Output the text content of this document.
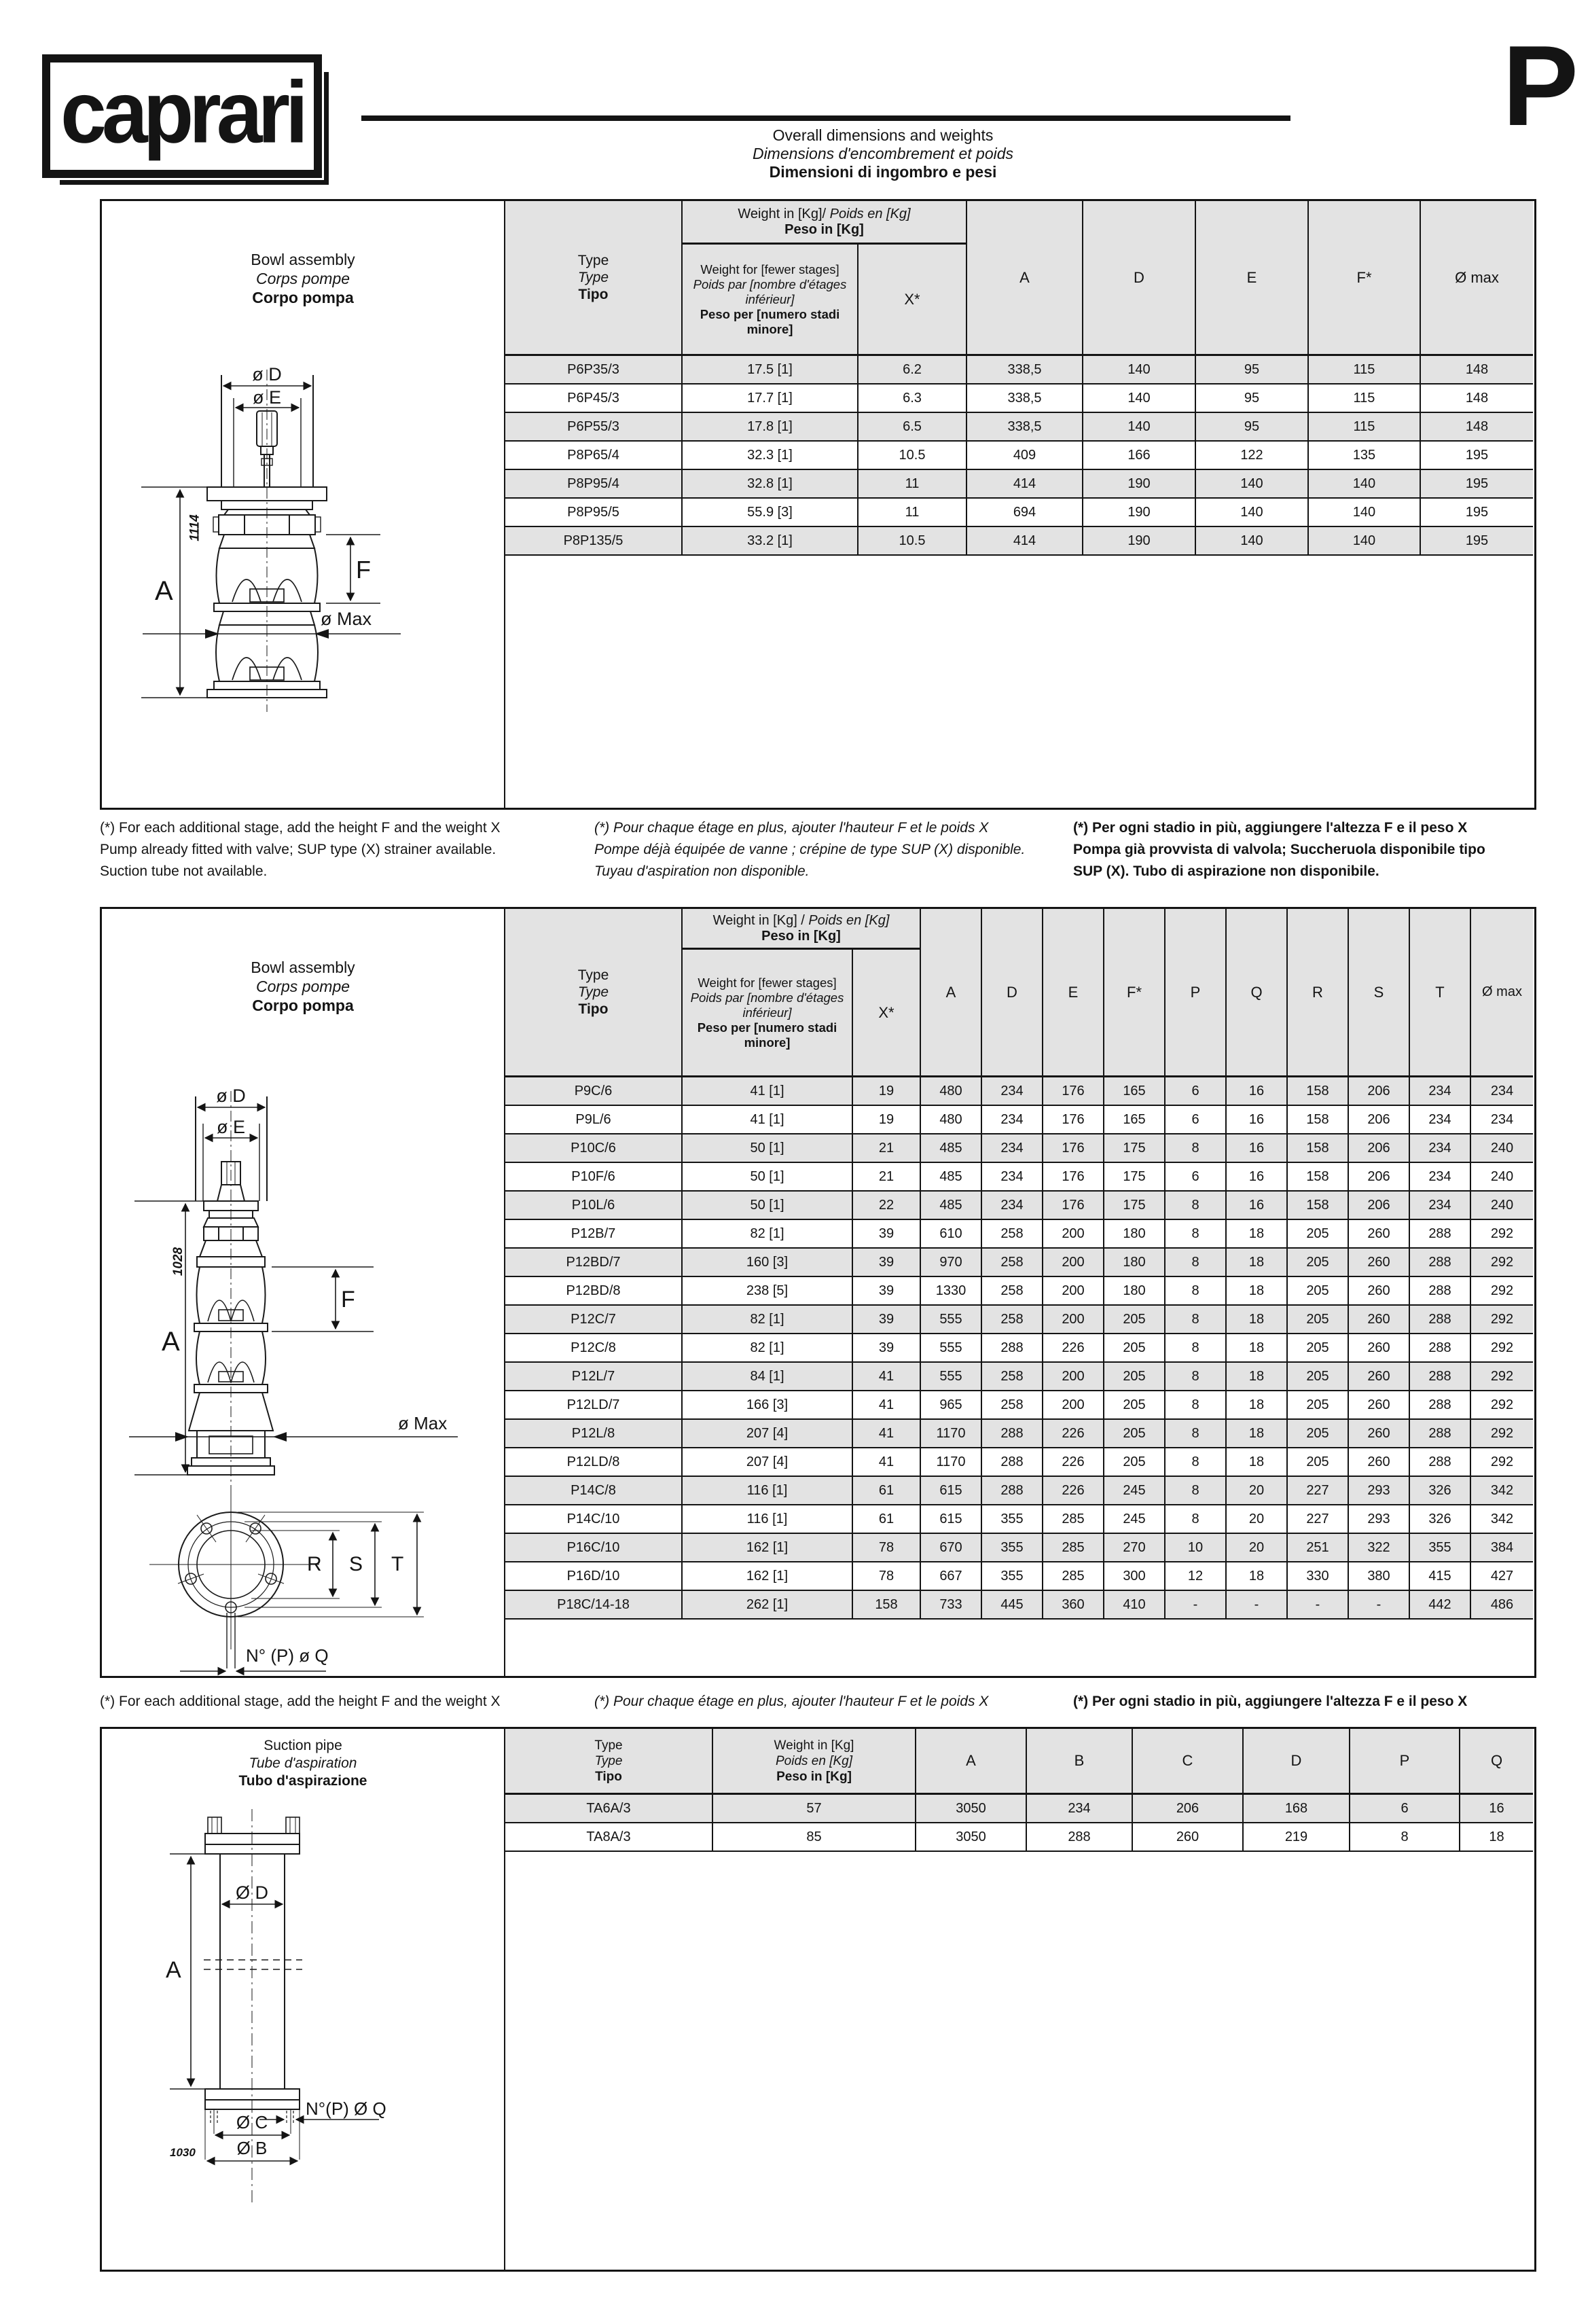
caprari	Overall dimensions and weights
Dimensions d'encombrement et poids
Dimensioni di ingombro e pesi
P
Bowl assembly
Corps pompe
Corpo pompa
ø D
ø E
A
F
ø Max
1114
Type
Type
Tipo
Weight in [Kg]/ Poids en [Kg]
Peso in [Kg]
Weight for [fewer stages]
Poids par [nombre d'étages inférieur]
Peso per [numero stadi minore]
X*
A	D	E	F*	Ø max
P6P35/3	17.5 [1]	6.2	338,5	140	95	115	148
P6P45/3	17.7 [1]	6.3	338,5	140	95	115	148
P6P55/3	17.8 [1]	6.5	338,5	140	95	115	148
P8P65/4	32.3 [1]	10.5	409	166	122	135	195
P8P95/4	32.8 [1]	11	414	190	140	140	195
P8P95/5	55.9 [3]	11	694	190	140	140	195
P8P135/5	33.2 [1]	10.5	414	190	140	140	195
(*) For each additional stage, add the height F and the weight X
Pump already fitted with valve; SUP type (X) strainer available.
Suction tube not available.
(*) Pour chaque étage en plus, ajouter l'hauteur F et le poids X
Pompe déjà équipée de vanne ; crépine de type SUP (X) disponible.
Tuyau d'aspiration non disponible.
(*) Per ogni stadio in più, aggiungere l'altezza F e il peso X
Pompa già provvista di valvola; Succheruola disponibile tipo
SUP (X). Tubo di aspirazione non disponibile.
Bowl assembly
Corps pompe
Corpo pompa
ø D
ø E
A
F
ø Max
R S T
N° (P) ø Q
1028
Type
Type
Tipo
Weight in [Kg] / Poids en [Kg]
Peso in [Kg]
Weight for [fewer stages]
Poids par [nombre d'étages inférieur]
Peso per [numero stadi minore]
X*
A	D	E	F*	P	Q	R	S	T	Ø max
P9C/6	41 [1]	19	480	234	176	165	6	16	158	206	234	234
P9L/6	41 [1]	19	480	234	176	165	6	16	158	206	234	234
P10C/6	50 [1]	21	485	234	176	175	8	16	158	206	234	240
P10F/6	50 [1]	21	485	234	176	175	6	16	158	206	234	240
P10L/6	50 [1]	22	485	234	176	175	8	16	158	206	234	240
P12B/7	82 [1]	39	610	258	200	180	8	18	205	260	288	292
P12BD/7	160 [3]	39	970	258	200	180	8	18	205	260	288	292
P12BD/8	238 [5]	39	1330	258	200	180	8	18	205	260	288	292
P12C/7	82 [1]	39	555	258	200	205	8	18	205	260	288	292
P12C/8	82 [1]	39	555	288	226	205	8	18	205	260	288	292
P12L/7	84 [1]	41	555	258	200	205	8	18	205	260	288	292
P12LD/7	166 [3]	41	965	258	200	205	8	18	205	260	288	292
P12L/8	207 [4]	41	1170	288	226	205	8	18	205	260	288	292
P12LD/8	207 [4]	41	1170	288	226	205	8	18	205	260	288	292
P14C/8	116 [1]	61	615	288	226	245	8	20	227	293	326	342
P14C/10	116 [1]	61	615	355	285	245	8	20	227	293	326	342
P16C/10	162 [1]	78	670	355	285	270	10	20	251	322	355	384
P16D/10	162 [1]	78	667	355	285	300	12	18	330	380	415	427
P18C/14-18	262 [1]	158	733	445	360	410	-	-	-	-	442	486
(*) For each additional stage, add the height F and the weight X	(*) Pour chaque étage en plus, ajouter l'hauteur F et le poids X	(*) Per ogni stadio in più, aggiungere l'altezza F e il peso X
Suction pipe
Tube d'aspiration
Tubo d'aspirazione
Ø D
A
N°(P) Ø Q
Ø C
Ø B
1030
Type
Type
Tipo
Weight in [Kg]
Poids en [Kg]
Peso in [Kg]
A	B	C	D	P	Q
TA6A/3	57	3050	234	206	168	6	16
TA8A/3	85	3050	288	260	219	8	18
